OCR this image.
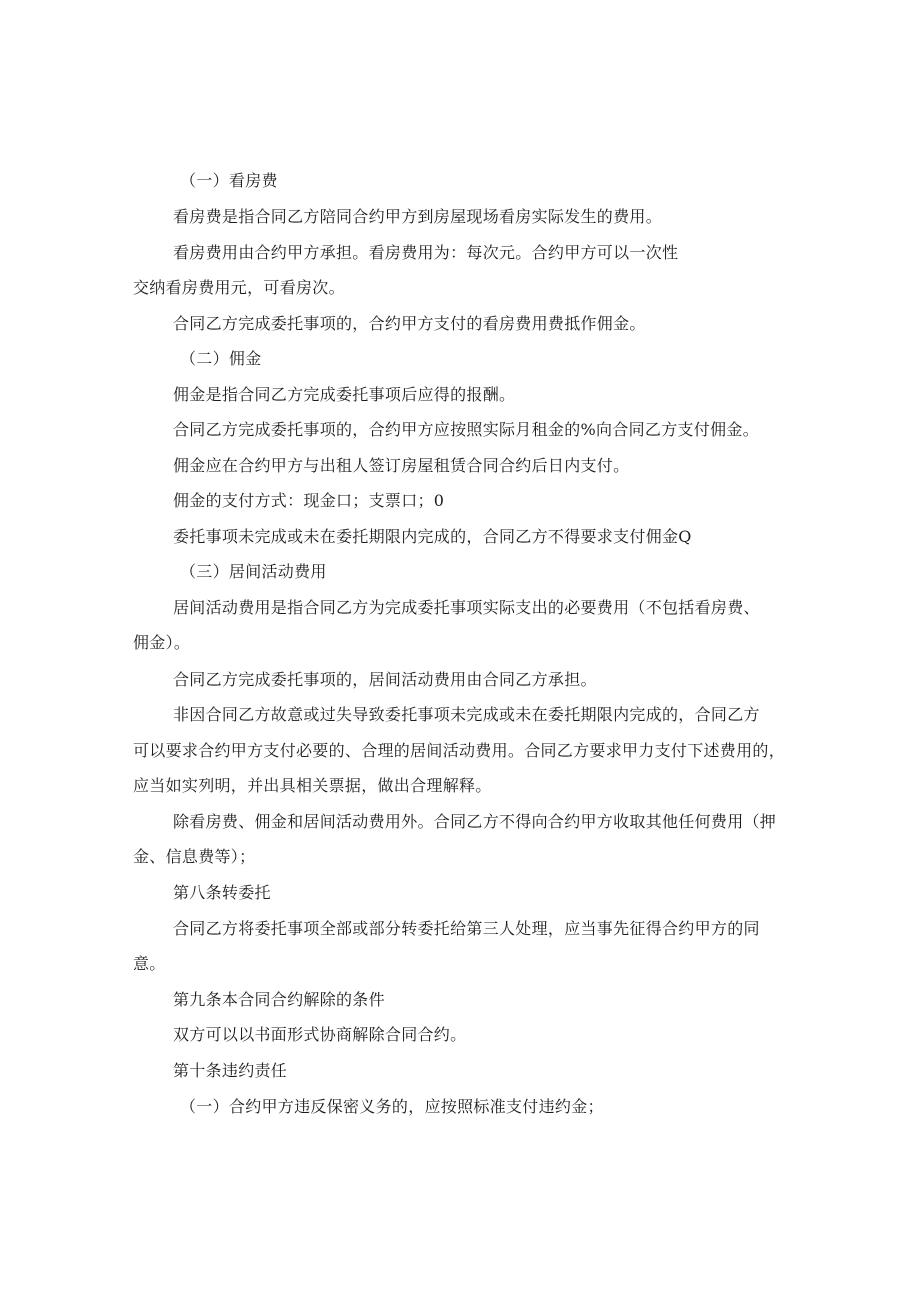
（一）看房费
看房费是指合同乙方陪同合约甲方到房屋现场看房实际发生的费用。
看房费用由合约甲方承担。看房费用为：每次元。合约甲方可以一次性
交纳看房费用元，可看房次。
合同乙方完成委托事项的，合约甲方支付的看房费用费抵作佣金。
（二）佣金
佣金是指合同乙方完成委托事项后应得的报酬。
合同乙方完成委托事项的，合约甲方应按照实际月租金的%向合同乙方支付佣金。
佣金应在合约甲方与出租人签订房屋租赁合同合约后日内支付。
佣金的支付方式：现金口；支票口；0
委托事项未完成或未在委托期限内完成的，合同乙方不得要求支付佣金Q
（三）居间活动费用
居间活动费用是指合同乙方为完成委托事项实际支出的必要费用（不包括看房费、
佣金）。
合同乙方完成委托事项的，居间活动费用由合同乙方承担。
非因合同乙方故意或过失导致委托事项未完成或未在委托期限内完成的，合同乙方
可以要求合约甲方支付必要的、合理的居间活动费用。合同乙方要求甲力支付下述费用的，
应当如实列明，并出具相关票据，做出合理解释。
除看房费、佣金和居间活动费用外。合同乙方不得向合约甲方收取其他任何费用（押
金、信息费等）；
第八条转委托
合同乙方将委托事项全部或部分转委托给第三人处理，应当事先征得合约甲方的同
意。
第九条本合同合约解除的条件
双方可以以书面形式协商解除合同合约。
第十条违约责任
（一）合约甲方违反保密义务的，应按照标准支付违约金；
